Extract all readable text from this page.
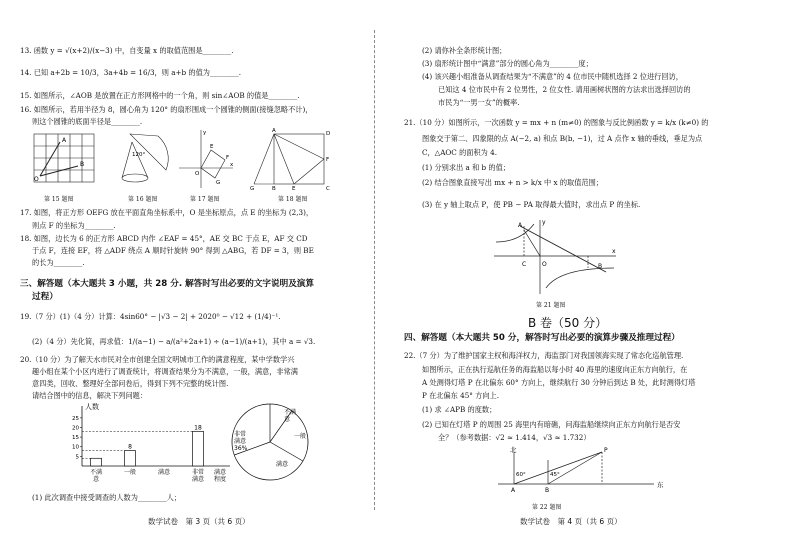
13. 函数 y = √(x+2)/(x−3) 中，自变量 x 的取值范围是________.
14. 已知 a+2b = 10/3，3a+4b = 16/3，则 a+b 的值为________.
15. 如图所示，∠AOB 是放置在正方形网格中的一个角，则 sin∠AOB 的值是________.
16. 如图所示，若用半径为 8，圆心角为 120° 的扇形围成一个圆锥的侧面(接缝忽略不计)，
则这个圆锥的底面半径是________.
O
A
B
第 15 题图
120°
第 16 题图
O
E
F
G
x
y
第 17 题图
A	D
F
C
G	B	E
第 18 题图
17. 如图，将正方形 OEFG 放在平面直角坐标系中，O 是坐标原点，点 E 的坐标为 (2,3)，
则点 F 的坐标为________.
18. 如图，边长为 6 的正方形 ABCD 内作 ∠EAF = 45°，AE 交 BC 于点 E，AF 交 CD
于点 F，连接 EF，将 △ADF 绕点 A 顺时针旋转 90° 得到 △ABG，若 DF = 3，则 BE
的长为________.
三、解答题（本大题共 3 小题，共 28 分. 解答时写出必要的文字说明及演算
过程）
19.（7 分）(1)（4 分）计算：4sin60° − |√3 − 2| + 2020⁰ − √12 + (1/4)⁻¹.
(2)（4 分）先化简，再求值：1/(a−1) − a/(a²+2a+1) ÷ (a−1)/(a+1)，其中 a = √3.
20.（10 分）为了解天水市民对全市创建全国文明城市工作的满意程度，某中学数学兴
趣小组在某个小区内进行了调查统计，将调查结果分为不满意，一般，满意，非常满
意四类，回收、整理好全部问卷后，得到下列不完整的统计图.
请结合图中的信息，解决下列问题：
人数
5
10
15
20
25
不满
意
8
一般	满意
18
非常
满意
满意
程度
不满
意
一般
满意
非常
满意
36%
(1) 此次调查中接受调查的人数为________人；
数学试卷　第 3 页（共 6 页）
(2) 请你补全条形统计图；
(3) 扇形统计图中“满意”部分的圆心角为________度；
(4) 该兴趣小组准备从调查结果为“不满意”的 4 位市民中随机选择 2 位进行回访，
已知这 4 位市民中有 2 位男性，2 位女性. 请用画树状图的方法求出选择回访的
市民为“一男一女”的概率.
21.（10 分）如图所示，一次函数 y = mx + n (m≠0) 的图象与反比例函数 y = k/x (k≠0) 的
图象交于第二、四象限的点 A(−2, a) 和点 B(b, −1)，过 A 点作 x 轴的垂线，垂足为点
C，△AOC 的面积为 4.
(1) 分别求出 a 和 b 的值；
(2) 结合图象直接写出 mx + n > k/x 中 x 的取值范围；
(3) 在 y 轴上取点 P，使 PB − PA 取得最大值时，求出点 P 的坐标.
A
C	O	B
x
y
第 21 题图
B 卷（50 分）
四、解答题（本大题共 50 分，解答时写出必要的演算步骤及推理过程）
22.（7 分）为了维护国家主权和海洋权力，海监部门对我国领海实现了常态化巡航管理.
如图所示，正在执行巡航任务的海监船以每小时 40 海里的速度向正东方向航行，在
A 处测得灯塔 P 在北偏东 60° 方向上，继续航行 30 分钟后到达 B 处，此时测得灯塔
P 在北偏东 45° 方向上.
(1) 求 ∠APB 的度数；
(2) 已知在灯塔 P 的周围 25 海里内有暗礁，问海监船继续向正东方向航行是否安
全？（参考数据：√2 ≈ 1.414，√3 ≈ 1.732）
北
东
60°	45°
A	B
P
第 22 题图
数学试卷　第 4 页（共 6 页）
